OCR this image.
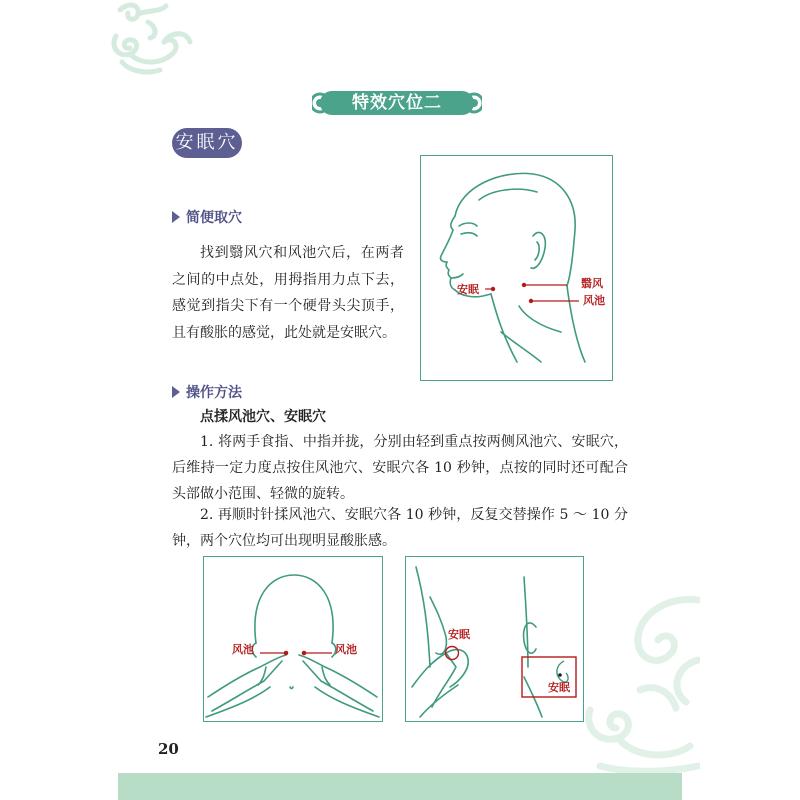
特效穴位二
安眠穴
简便取穴

找到翳风穴和风池穴后，在两者之间的中点处，用拇指用力点下去，感觉到指尖下有一个硬骨头尖顶手，且有酸胀的感觉，此处就是安眠穴。

安眠	翳风
风池
操作方法
点揉风池穴、安眠穴

1. 将两手食指、中指并拢，分别由轻到重点按两侧风池穴、安眠穴，后维持一定力度点按住风池穴、安眠穴各 10 秒钟，点按的同时还可配合头部做小范围、轻微的旋转。

2. 再顺时针揉风池穴、安眠穴各 10 秒钟，反复交替操作 5 ～ 10 分钟，两个穴位均可出现明显酸胀感。

风池	风池
安眠
安眠
20
